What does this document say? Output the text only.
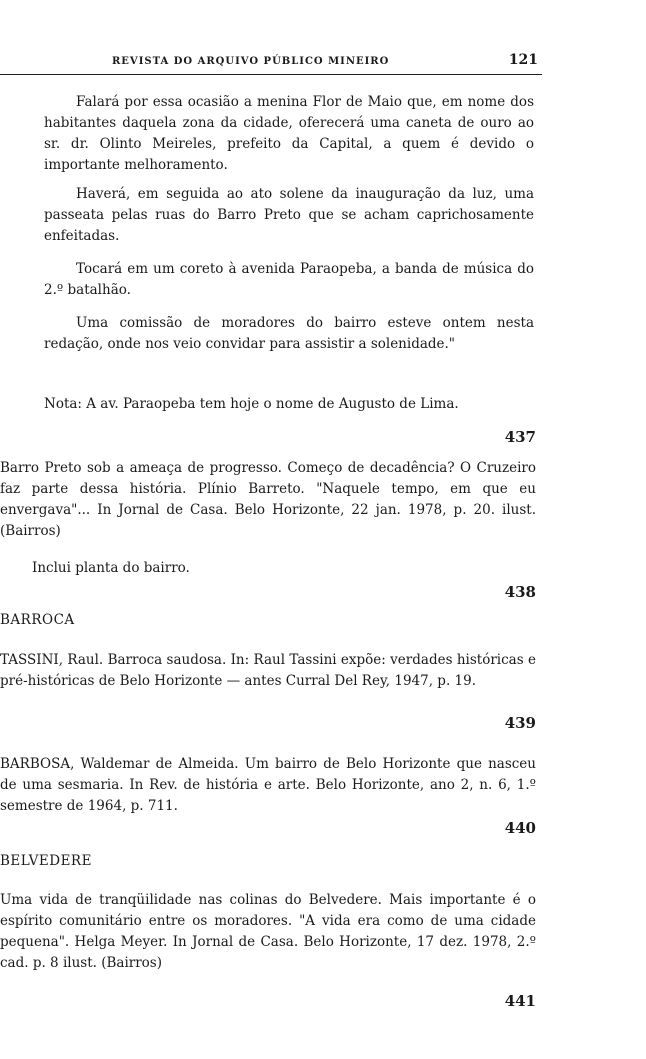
REVISTA DO ARQUIVO PÚBLICO MINEIRO	121

Falará por essa ocasião a menina Flor de Maio que, em nome dos habitantes daquela zona da cidade, oferecerá uma caneta de ouro ao sr. dr. Olinto Meireles, prefeito da Capital, a quem é devido o importante melhoramento.

Haverá, em seguida ao ato solene da inauguração da luz, uma passeata pelas ruas do Barro Preto que se acham caprichosamente enfeitadas.

Tocará em um coreto à avenida Paraopeba, a banda de música do 2.º batalhão.

Uma comissão de moradores do bairro esteve ontem nesta redação, onde nos veio convidar para assistir a solenidade."

Nota: A av. Paraopeba tem hoje o nome de Augusto de Lima.

437

Barro Preto sob a ameaça de progresso. Começo de decadência? O Cruzeiro faz parte dessa história. Plínio Barreto. "Naquele tempo, em que eu envergava"... In Jornal de Casa. Belo Horizonte, 22 jan. 1978, p. 20. ilust. (Bairros)

Inclui planta do bairro.

438
BARROCA

TASSINI, Raul. Barroca saudosa. In: Raul Tassini expõe: verdades históricas e pré-históricas de Belo Horizonte — antes Curral Del Rey, 1947, p. 19.

439

BARBOSA, Waldemar de Almeida. Um bairro de Belo Horizonte que nasceu de uma sesmaria. In Rev. de história e arte. Belo Horizonte, ano 2, n. 6, 1.º semestre de 1964, p. 711.

440
BELVEDERE

Uma vida de tranqüilidade nas colinas do Belvedere. Mais importante é o espírito comunitário entre os moradores. "A vida era como de uma cidade pequena". Helga Meyer. In Jornal de Casa. Belo Horizonte, 17 dez. 1978, 2.º cad. p. 8 ilust. (Bairros)

441
